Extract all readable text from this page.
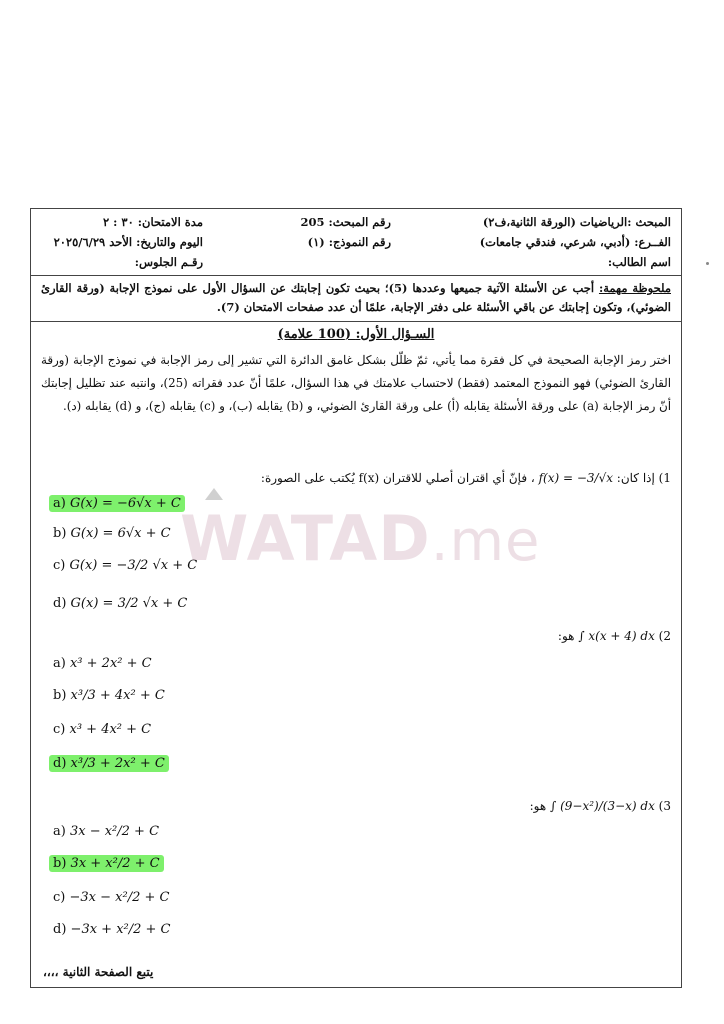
المبحث :الرياضيات (الورقة الثانية،ف٢)
رقم المبحث: 205
مدة الامتحان: ٣٠ : ٢
الفــرع: (أدبي، شرعي، فندقي جامعات)
رقم النموذج: (١)
اليوم والتاريخ: الأحد ٢٠٢٥/٦/٢٩
اسم الطالب:
رقـم الجلوس:
ملحوظة مهمة: أجب عن الأسئلة الآتية جميعها وعددها (5)؛ بحيث تكون إجابتك عن السؤال الأول على نموذج الإجابة (ورقة القارئ الضوئي)، وتكون إجابتك عن باقي الأسئلة على دفتر الإجابة، علمًا أن عدد صفحات الامتحان (7).
السـؤال الأول: (100 علامة)
اختر رمز الإجابة الصحيحة في كل فقرة مما يأتي، ثمّ ظلّل بشكل غامق الدائرة التي تشير إلى رمز الإجابة في نموذج الإجابة (ورقة القارئ الضوئي) فهو النموذج المعتمد (فقط) لاحتساب علامتك في هذا السؤال، علمًا أنّ عدد فقراته (25)، وانتبه عند تظليل إجابتك أنّ رمز الإجابة (a) على ورقة الأسئلة يقابله (أ) على ورقة القارئ الضوئي، و (b) يقابله (ب)، و (c) يقابله (ج)، و (d) يقابله (د).
1) إذا كان: f(x) = −3/√x ، فإنّ أي اقتران أصلي للاقتران f(x) يُكتب على الصورة:
a) G(x) = −6√x + C
b) G(x) = 6√x + C
c) G(x) = −3/2 √x + C
d) G(x) = 3/2 √x + C
2) ∫ x(x + 4) dx هو:
a) x³ + 2x² + C
b) x³/3 + 4x² + C
c) x³ + 4x² + C
d) x³/3 + 2x² + C
3) ∫ (9−x²)/(3−x) dx هو:
a) 3x − x²/2 + C
b) 3x + x²/2 + C
c) −3x − x²/2 + C
d) −3x + x²/2 + C
يتبع الصفحة الثانية ،،،،
WATAD.me
